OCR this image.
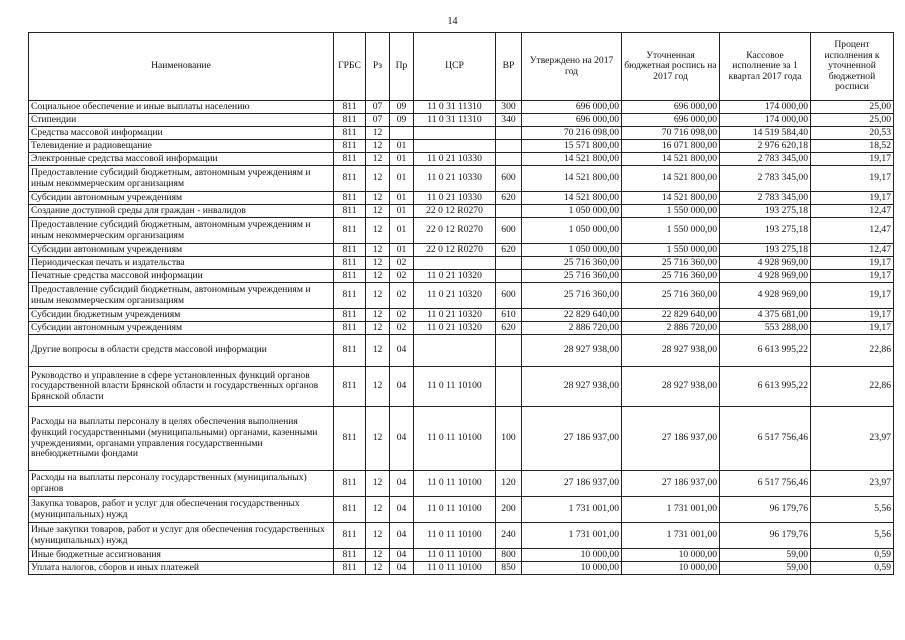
14
Наименование	ГРБС	Рз	Пр	ЦСР	ВР	Утверждено на 2017 год	Уточненная бюджетная роспись на 2017 год	Кассовое исполнение за 1 квартал 2017 года	Процент исполнения к уточненной бюджетной росписи
Социальное обеспечение и иные выплаты населению	811	07	09	11 0 31 11310	300	696 000,00	696 000,00	174 000,00	25,00
Стипендии	811	07	09	11 0 31 11310	340	696 000,00	696 000,00	174 000,00	25,00
Средства массовой информации	811	12				70 216 098,00	70 716 098,00	14 519 584,40	20,53
Телевидение и радиовещание	811	12	01			15 571 800,00	16 071 800,00	2 976 620,18	18,52
Электронные средства массовой информации	811	12	01	11 0 21 10330		14 521 800,00	14 521 800,00	2 783 345,00	19,17
Предоставление субсидий бюджетным, автономным учреждениям и иным некоммерческим организациям	811	12	01	11 0 21 10330	600	14 521 800,00	14 521 800,00	2 783 345,00	19,17
Субсидии автономным учреждениям	811	12	01	11 0 21 10330	620	14 521 800,00	14 521 800,00	2 783 345,00	19,17
Создание доступной среды для граждан - инвалидов	811	12	01	22 0 12 R0270		1 050 000,00	1 550 000,00	193 275,18	12,47
Предоставление субсидий бюджетным, автономным учреждениям и иным некоммерческим организациям	811	12	01	22 0 12 R0270	600	1 050 000,00	1 550 000,00	193 275,18	12,47
Субсидии автономным учреждениям	811	12	01	22 0 12 R0270	620	1 050 000,00	1 550 000,00	193 275,18	12,47
Периодическая печать и издательства	811	12	02			25 716 360,00	25 716 360,00	4 928 969,00	19,17
Печатные средства массовой информации	811	12	02	11 0 21 10320		25 716 360,00	25 716 360,00	4 928 969,00	19,17
Предоставление субсидий бюджетным, автономным учреждениям и иным некоммерческим организациям	811	12	02	11 0 21 10320	600	25 716 360,00	25 716 360,00	4 928 969,00	19,17
Субсидии бюджетным учреждениям	811	12	02	11 0 21 10320	610	22 829 640,00	22 829 640,00	4 375 681,00	19,17
Субсидии автономным учреждениям	811	12	02	11 0 21 10320	620	2 886 720,00	2 886 720,00	553 288,00	19,17
Другие вопросы в области средств массовой информации	811	12	04			28 927 938,00	28 927 938,00	6 613 995,22	22,86
Руководство и управление в сфере установленных функций органов государственной власти Брянской области и государственных органов Брянской области	811	12	04	11 0 11 10100		28 927 938,00	28 927 938,00	6 613 995,22	22,86
Расходы на выплаты персоналу в целях обеспечения выполнения функций государственными (муниципальными) органами, казенными учреждениями, органами управления государственными внебюджетными фондами	811	12	04	11 0 11 10100	100	27 186 937,00	27 186 937,00	6 517 756,46	23,97
Расходы на выплаты персоналу государственных (муниципальных) органов	811	12	04	11 0 11 10100	120	27 186 937,00	27 186 937,00	6 517 756,46	23,97
Закупка товаров, работ и услуг для обеспечения государственных (муниципальных) нужд	811	12	04	11 0 11 10100	200	1 731 001,00	1 731 001,00	96 179,76	5,56
Иные закупки товаров, работ и услуг для обеспечения государственных (муниципальных) нужд	811	12	04	11 0 11 10100	240	1 731 001,00	1 731 001,00	96 179,76	5,56
Иные бюджетные ассигнования	811	12	04	11 0 11 10100	800	10 000,00	10 000,00	59,00	0,59
Уплата налогов, сборов и иных платежей	811	12	04	11 0 11 10100	850	10 000,00	10 000,00	59,00	0,59
